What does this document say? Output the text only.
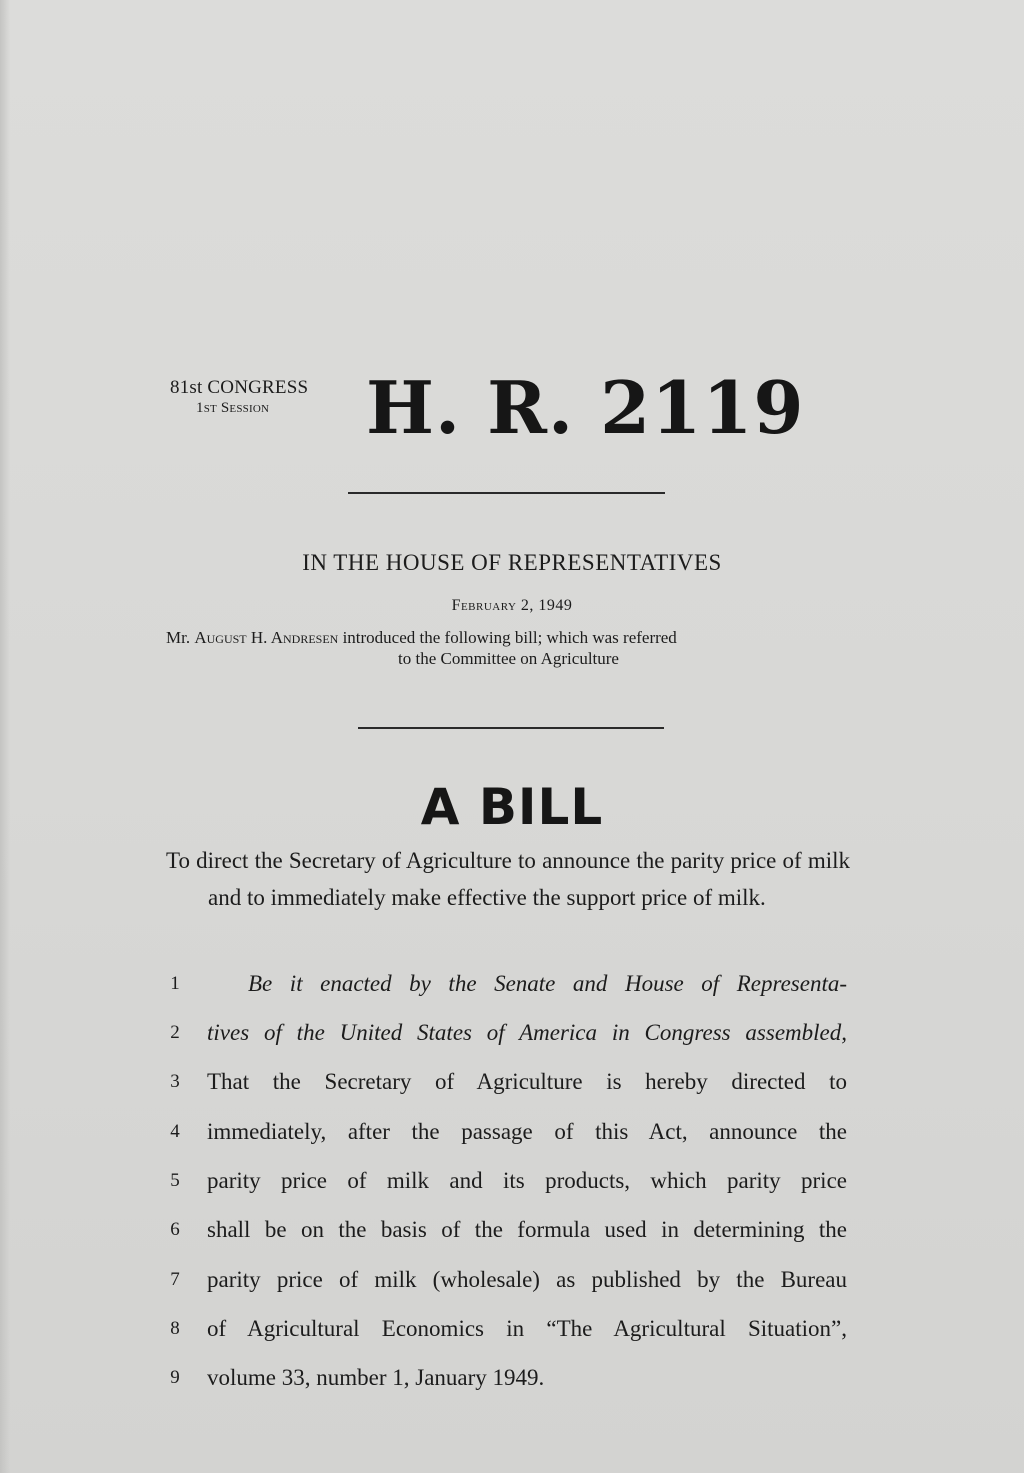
81st CONGRESS
1st Session	H. R. 2119
IN THE HOUSE OF REPRESENTATIVES
February 2, 1949
Mr. August H. Andresen introduced the following bill; which was referred
to the Committee on Agriculture
A BILL
To direct the Secretary of Agriculture to announce the parity price of milk and to immediately make effective the support price of milk.
1	Be it enacted by the Senate and House of Representa-
2	tives of the United States of America in Congress assembled,
3	That the Secretary of Agriculture is hereby directed to
4	immediately, after the passage of this Act, announce the
5	parity price of milk and its products, which parity price
6	shall be on the basis of the formula used in determining the
7	parity price of milk (wholesale) as published by the Bureau
8	of Agricultural Economics in “The Agricultural Situation”,
9	volume 33, number 1, January 1949.
